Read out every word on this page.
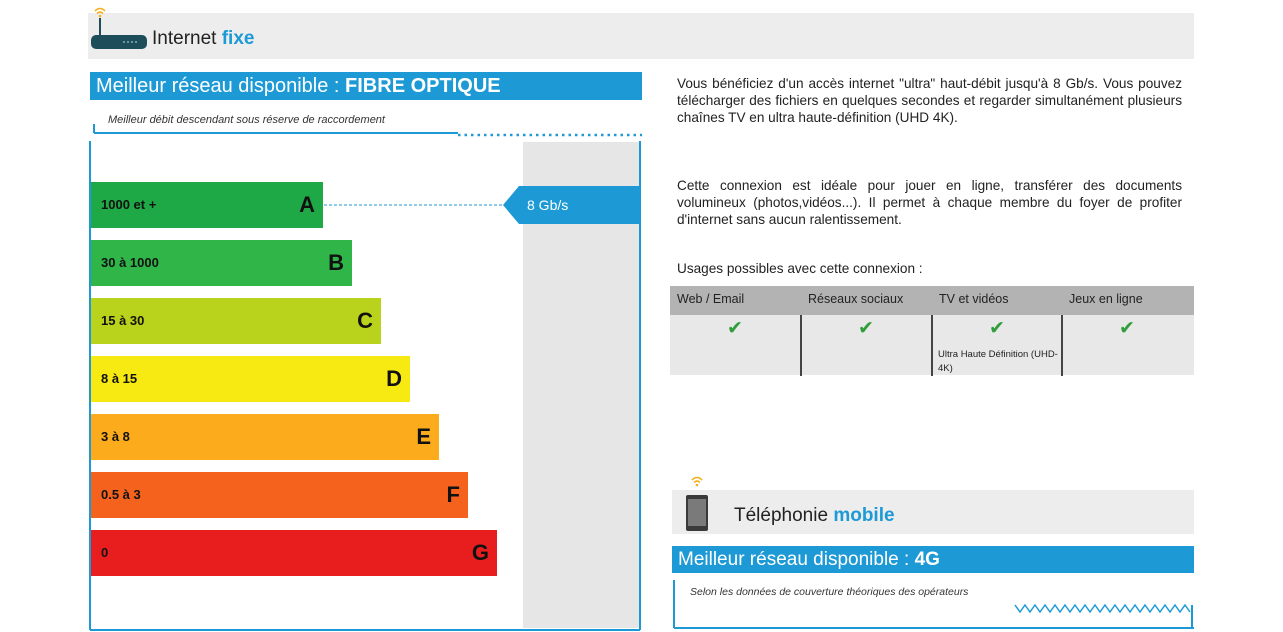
Internet fixe
Meilleur réseau disponible : FIBRE OPTIQUE
Meilleur débit descendant sous réserve de raccordement
1000 et +	A
30 à 1000	B
15 à 30	C
8 à 15	D
3 à 8	E
0.5 à 3	F
0	G
8 Gb/s
Vous bénéficiez d'un accès internet "ultra" haut-débit jusqu'à 8 Gb/s. Vous pouvez télécharger des fichiers en quelques secondes et regarder simultanément plusieurs chaînes TV en ultra haute-définition (UHD 4K).
Cette connexion est idéale pour jouer en ligne, transférer des documents volumineux (photos,vidéos...). Il permet à chaque membre du foyer de profiter d'internet sans aucun ralentissement.
Usages possibles avec cette connexion :
Web / Email	Réseaux sociaux	TV et vidéos	Jeux en ligne
✔	✔	✔	✔
Ultra Haute Définition (UHD-4K)
Téléphonie mobile
Meilleur réseau disponible : 4G
Selon les données de couverture théoriques des opérateurs
